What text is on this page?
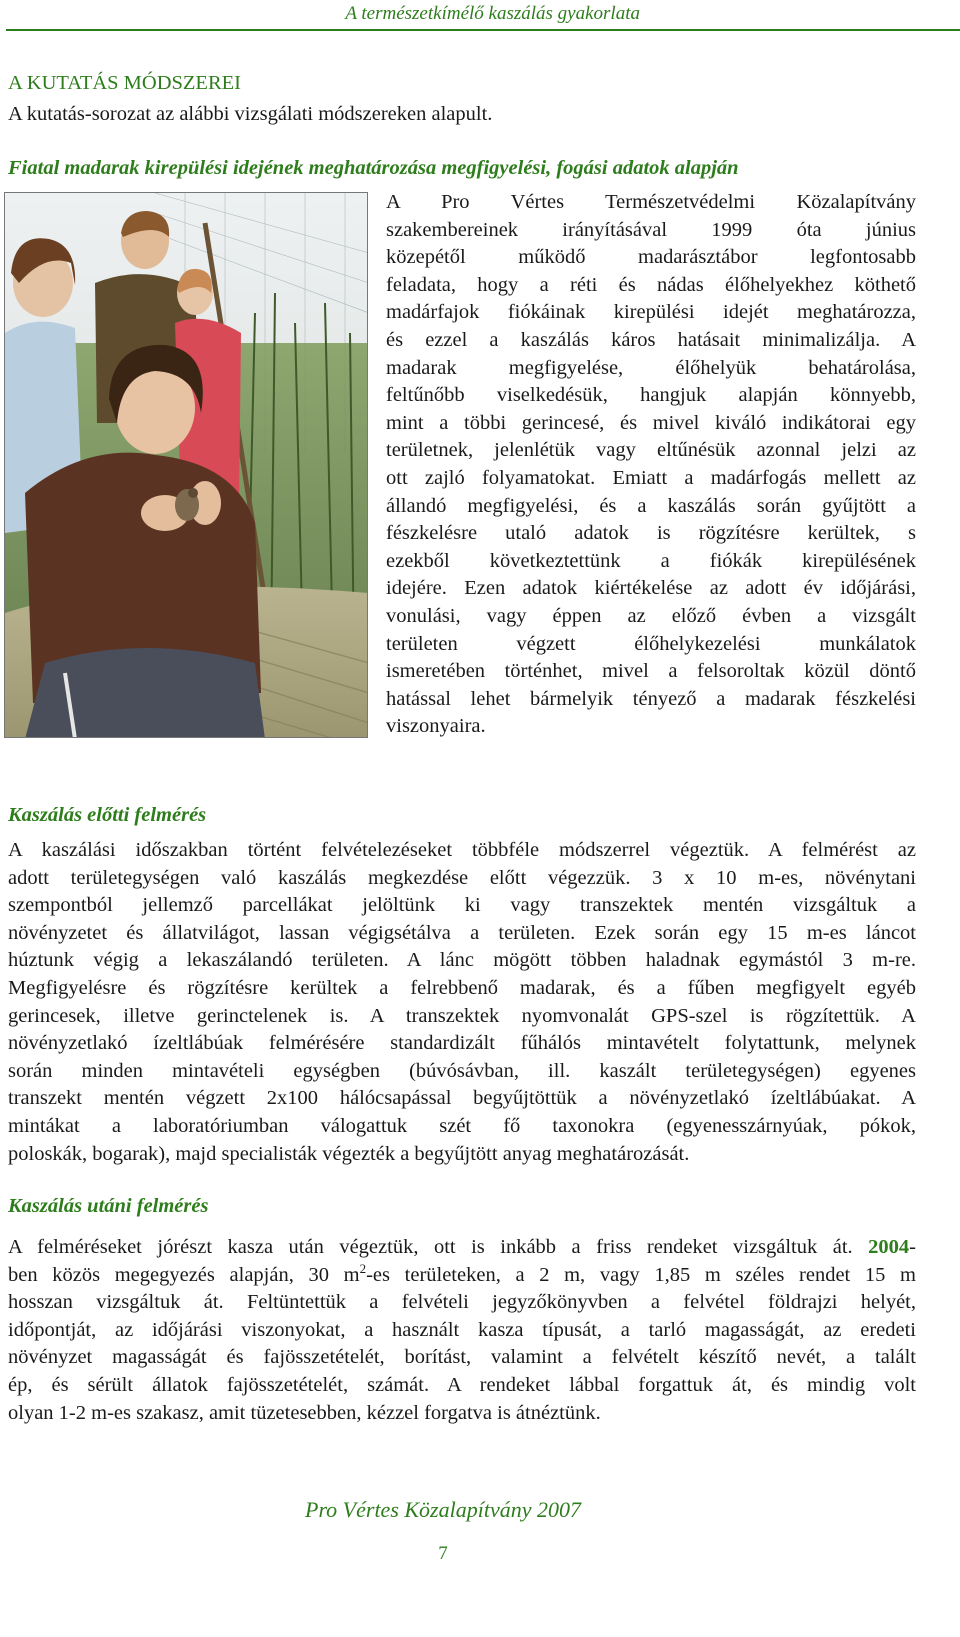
A természetkímélő kaszálás gyakorlata
A KUTATÁS MÓDSZEREI
A kutatás-sorozat az alábbi vizsgálati módszereken alapult.
Fiatal madarak kirepülési idejének meghatározása megfigyelési, fogási adatok alapján
A Pro Vértes Természetvédelmi Közalapítvány
szakembereinek irányításával 1999 óta június
közepétől működő madarásztábor legfontosabb
feladata, hogy a réti és nádas élőhelyekhez köthető
madárfajok fiókáinak kirepülési idejét meghatározza,
és ezzel a kaszálás káros hatásait minimalizálja. A
madarak megfigyelése, élőhelyük behatárolása,
feltűnőbb viselkedésük, hangjuk alapján könnyebb,
mint a többi gerincesé, és mivel kiváló indikátorai egy
területnek, jelenlétük vagy eltűnésük azonnal jelzi az
ott zajló folyamatokat. Emiatt a madárfogás mellett az
állandó megfigyelési, és a kaszálás során gyűjtött a
fészkelésre utaló adatok is rögzítésre kerültek, s
ezekből következtettünk a fiókák kirepülésének
idejére. Ezen adatok kiértékelése az adott év időjárási,
vonulási, vagy éppen az előző évben a vizsgált
területen végzett élőhelykezelési munkálatok
ismeretében történhet, mivel a felsoroltak közül döntő
hatással lehet bármelyik tényező a madarak fészkelési
viszonyaira.
Kaszálás előtti felmérés
A kaszálási időszakban történt felvételezéseket többféle módszerrel végeztük. A felmérést az
adott területegységen való kaszálás megkezdése előtt végezzük. 3 x 10 m-es, növénytani
szempontból jellemző parcellákat jelöltünk ki vagy transzektek mentén vizsgáltuk a
növényzetet és állatvilágot, lassan végigsétálva a területen. Ezek során egy 15 m-es láncot
húztunk végig a lekaszálandó területen. A lánc mögött többen haladnak egymástól 3 m-re.
Megfigyelésre és rögzítésre kerültek a felrebbenő madarak, és a fűben megfigyelt egyéb
gerincesek, illetve gerinctelenek is. A transzektek nyomvonalát GPS-szel is rögzítettük. A
növényzetlakó ízeltlábúak felmérésére standardizált fűhálós mintavételt folytattunk, melynek
során minden mintavételi egységben (búvósávban, ill. kaszált területegységen) egyenes
transzekt mentén végzett 2x100 hálócsapással begyűjtöttük a növényzetlakó ízeltlábúakat. A
mintákat a laboratóriumban válogattuk szét fő taxonokra (egyenesszárnyúak, pókok,
poloskák, bogarak), majd specialisták végezték a begyűjtött anyag meghatározását.
Kaszálás utáni felmérés
A felméréseket jórészt kasza után végeztük, ott is inkább a friss rendeket vizsgáltuk át. 2004-
ben közös megegyezés alapján, 30 $m^2-es$ területeken, a 2 m, vagy 1,85 m széles rendet 15 m
hosszan vizsgáltuk át. Feltüntettük a felvételi jegyzőkönyvben a felvétel földrajzi helyét,
időpontját, az időjárási viszonyokat, a használt kasza típusát, a tarló magasságát, az eredeti
növényzet magasságát és fajösszetételét, borítást, valamint a felvételt készítő nevét, a talált
ép, és sérült állatok fajösszetételét, számát. A rendeket lábbal forgattuk át, és mindig volt
olyan 1-2 m-es szakasz, amit tüzetesebben, kézzel forgatva is átnéztünk.
Pro Vértes Közalapítvány 2007
7
